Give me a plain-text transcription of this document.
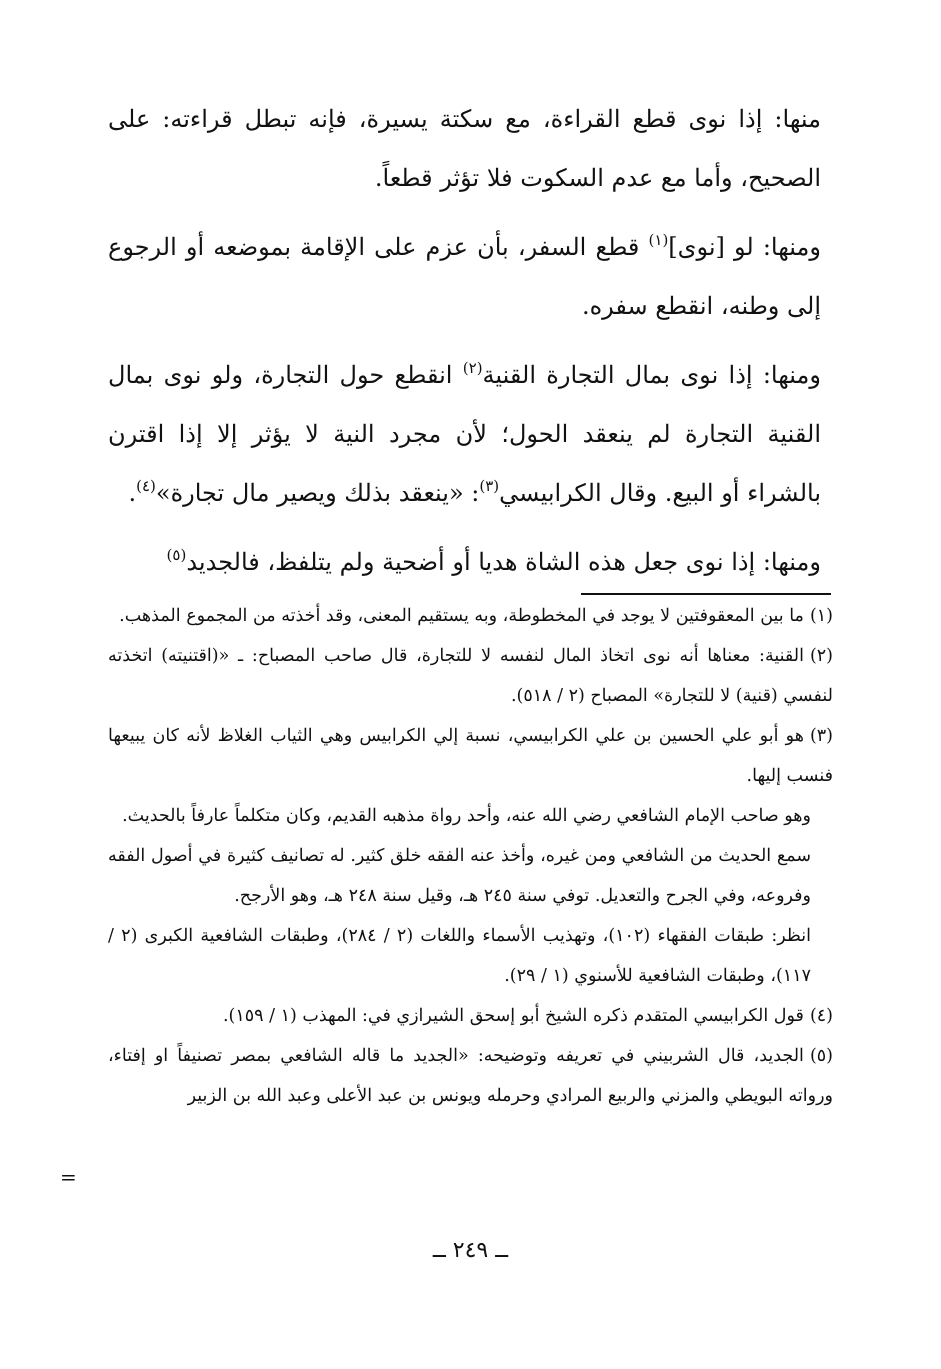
منها: إذا نوى قطع القراءة، مع سكتة يسيرة، فإنه تبطل قراءته: على الصحيح، وأما مع عدم السكوت فلا تؤثر قطعاً.

ومنها: لو [نوى]$^{(١)}$ قطع السفر، بأن عزم على الإقامة بموضعه أو الرجوع إلى وطنه، انقطع سفره.

ومنها: إذا نوى بمال التجارة القنية$^{(٢)}$ انقطع حول التجارة، ولو نوى بمال القنية التجارة لم ينعقد الحول؛ لأن مجرد النية لا يؤثر إلا إذا اقترن بالشراء أو البيع. وقال الكرابيسي$^{(٣)}$: «ينعقد بذلك ويصير مال تجارة»$^{(٤)}$.

ومنها: إذا نوى جعل هذه الشاة هديا أو أضحية ولم يتلفظ، فالجديد$^{(٥)}$

(١)ما بين المعقوفتين لا يوجد في المخطوطة، وبه يستقيم المعنى، وقد أخذته من المجموع المذهب.

(٢)القنية: معناها أنه نوى اتخاذ المال لنفسه لا للتجارة، قال صاحب المصباح: ـ «(اقتنيته) اتخذته لنفسي (قنية) لا للتجارة» المصباح (٢ / ٥١٨).

(٣)هو أبو علي الحسين بن علي الكرابيسي، نسبة إلي الكرابيس وهي الثياب الغلاظ لأنه كان يبيعها فنسب إليها.

وهو صاحب الإمام الشافعي رضي الله عنه، وأحد رواة مذهبه القديم، وكان متكلماً عارفاً بالحديث.

سمع الحديث من الشافعي ومن غيره، وأخذ عنه الفقه خلق كثير. له تصانيف كثيرة في أصول الفقه وفروعه، وفي الجرح والتعديل. توفي سنة ٢٤٥ هـ، وقيل سنة ٢٤٨ هـ، وهو الأرجح.

انظر: طبقات الفقهاء (١٠٢)، وتهذيب الأسماء واللغات (٢ / ٢٨٤)، وطبقات الشافعية الكبرى (٢ / ١١٧)، وطبقات الشافعية للأسنوي (١ / ٢٩).

(٤)قول الكرابيسي المتقدم ذكره الشيخ أبو إسحق الشيرازي في: المهذب (١ / ١٥٩).

(٥)الجديد، قال الشربيني في تعريفه وتوضيحه: «الجديد ما قاله الشافعي بمصر تصنيفاً او إفتاء، ورواته البويطي والمزني والربيع المرادي وحرمله ويونس بن عبد الأعلى وعبد الله بن الزبير

=
ــ ٢٤٩ ــ
